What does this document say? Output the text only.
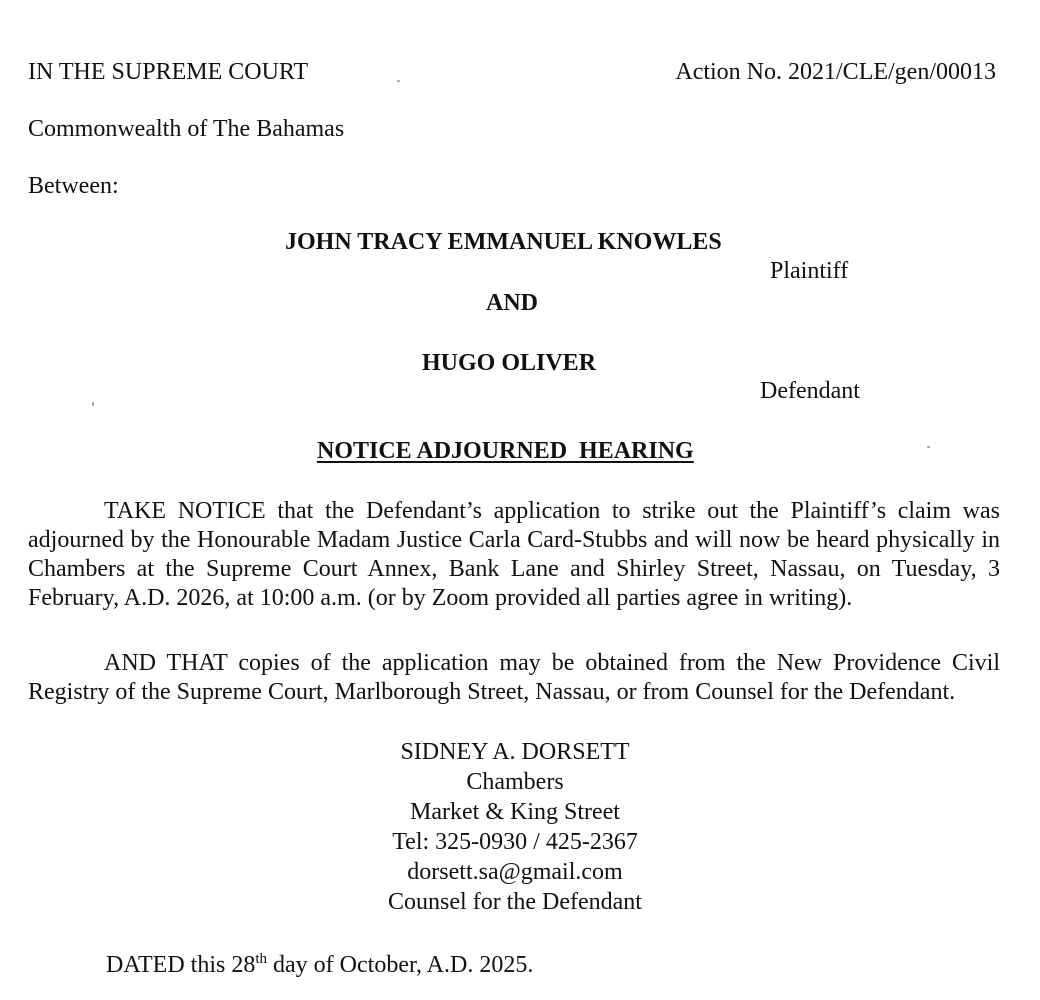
IN THE SUPREME COURT	Action No. 2021/CLE/gen/00013
Commonwealth of The Bahamas
Between:
JOHN TRACY EMMANUEL KNOWLES
Plaintiff
AND
HUGO OLIVER
Defendant
NOTICE ADJOURNED  HEARING
TAKE NOTICE that the Defendant’s application to strike out the Plaintiff’s claim was adjourned by the Honourable Madam Justice Carla Card-Stubbs and will now be heard physically in Chambers at the Supreme Court Annex, Bank Lane and Shirley Street, Nassau, on Tuesday, 3 February, A.D. 2026, at 10:00 a.m. (or by Zoom provided all parties agree in writing).
AND THAT copies of the application may be obtained from the New Providence Civil Registry of the Supreme Court, Marlborough Street, Nassau, or from Counsel for the Defendant.
SIDNEY A. DORSETT
Chambers
Market & King Street
Tel: 325-0930 / 425-2367
dorsett.sa@gmail.com
Counsel for the Defendant
DATED this 28th day of October, A.D. 2025.
